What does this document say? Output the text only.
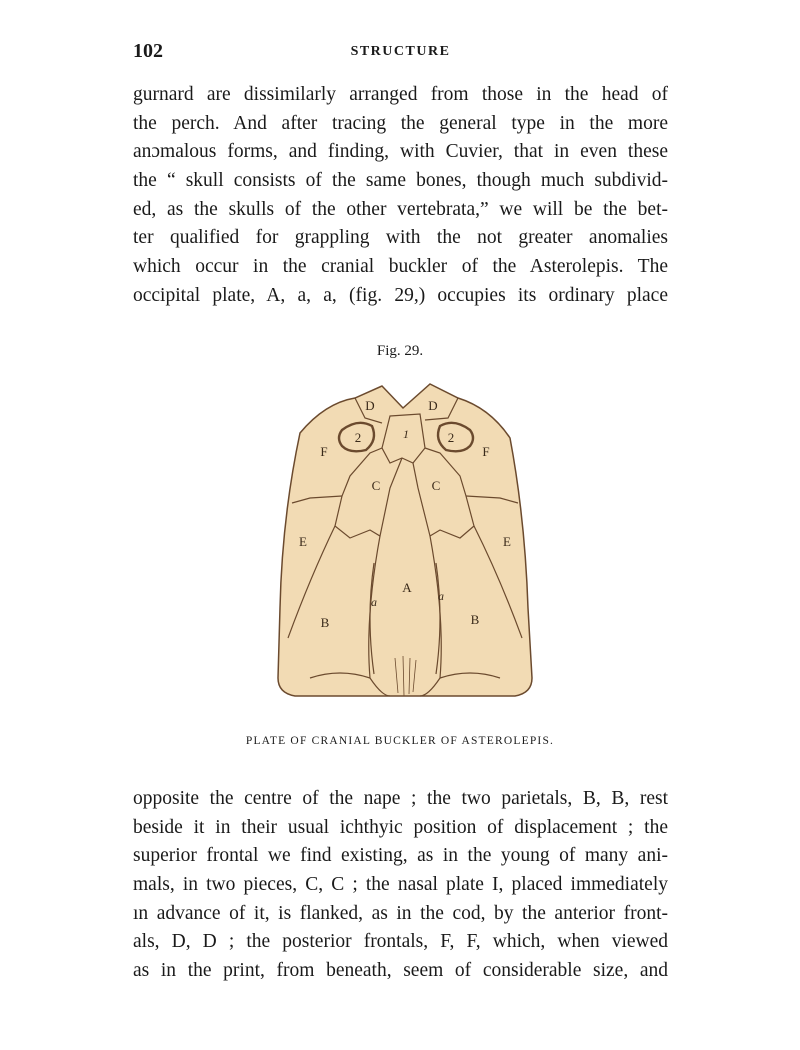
102	STRUCTURE
gurnard are dissimilarly arranged from those in the head of
the perch. And after tracing the general type in the more
anɔmalous forms, and finding, with Cuvier, that in even these
the “ skull consists of the same bones, though much subdivid-
ed, as the skulls of the other vertebrata,” we will be the bet-
ter qualified for grappling with the not greater anomalies
which occur in the cranial buckler of the Asterolepis. The
occipital plate, A, a, a, (fig. 29,) occupies its ordinary place
Fig. 29.
D	D
1
2	2
F	F
C	C
E	E
A
a	a
B	B
PLATE OF CRANIAL BUCKLER OF ASTEROLEPIS.
opposite the centre of the nape ; the two parietals, B, B, rest
beside it in their usual ichthyic position of displacement ; the
superior frontal we find existing, as in the young of many ani-
mals, in two pieces, C, C ; the nasal plate I, placed immediately
ın advance of it, is flanked, as in the cod, by the anterior front-
als, D, D ; the posterior frontals, F, F, which, when viewed
as in the print, from beneath, seem of considerable size, and
